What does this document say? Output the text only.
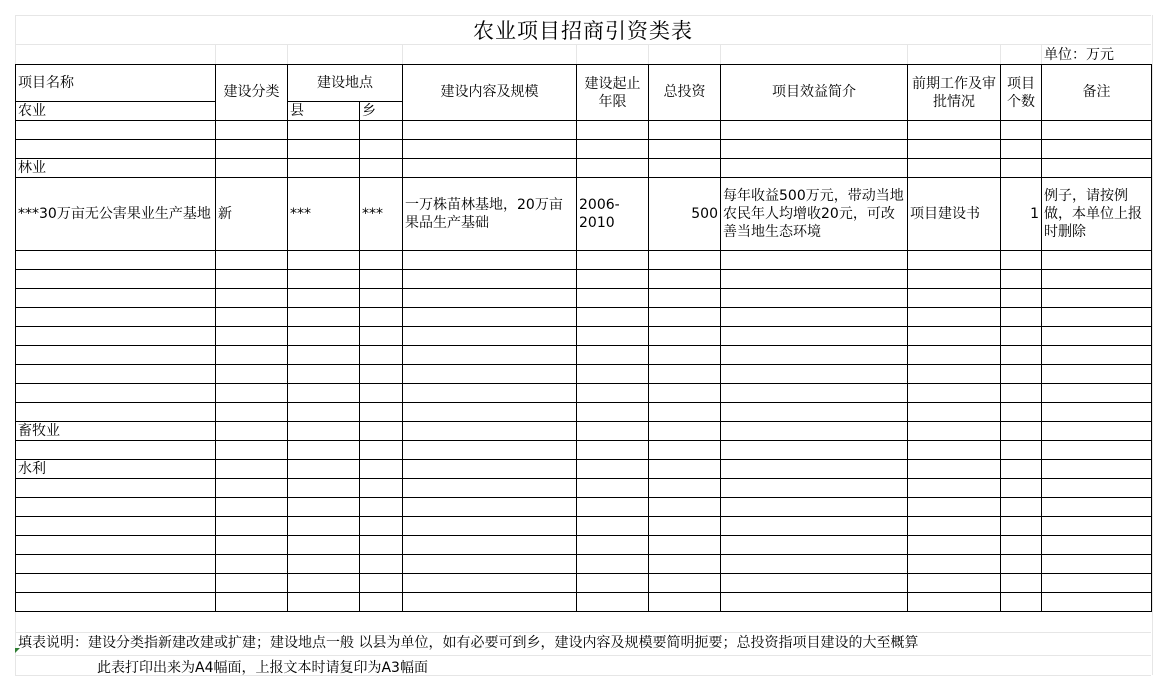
农业项目招商引资类表
单位：万元
项目名称	建设分类	建设地点		建设内容及规模	建设起止年限	总投资	项目效益简介	前期工作及审批情况	项目个数	备注
农业		县	乡							

林业										
***30万亩无公害果业生产基地	新	***	***	一万株苗林基地，20万亩果品生产基础	2006-2010	500	每年收益500万元，带动当地农民年人均增收20元，可改善当地生态环境	项目建设书	1	例子，请按例做，本单位上报时删除

畜牧业										

水利										

填表说明：建设分类指新建改建或扩建；建设地点一般 以县为单位，如有必要可到乡，建设内容及规模要简明扼要；总投资指项目建设的大至概算
此表打印出来为A4幅面，上报文本时请复印为A3幅面
